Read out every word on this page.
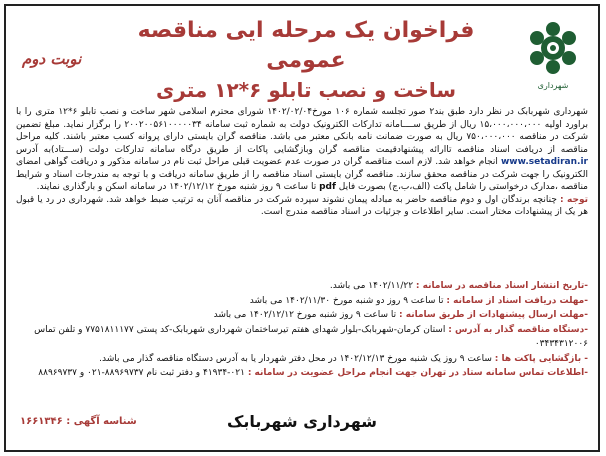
شهرداری
نوبت دوم
فراخوان یک مرحله ایی مناقصه عمومی
ساخت و نصب تابلو ۶*۱۲ متری

شهرداری شهربابک در نظر دارد طبق بند۲ صور تجلسه شماره ۱۰۶ مورخ۱۴۰۲/۰۲/۰۴ شورای محترم اسلامی شهر ساخت و نصب تابلو ۶*۱۲ متری را با براورد اولیه ۱۵،۰۰۰،۰۰۰،۰۰۰ ریال از طریق ســــامانه تدارکات الکترونیک دولت به شماره ثبت سامانه ۲۰۰۲۰۰۵۶۱۰۰۰۰۰۳۴ را برگزار نماید. مبلغ تضمین شرکت در مناقصه ۷۵۰،۰۰۰،۰۰۰ ریال به صورت ضمانت نامه بانکی معتبر می باشد. مناقصه گران بایستی دارای پروانه کسب معتبر باشند. کلیه مراحل مناقصه از دریافت اسناد مناقصه تاارائه پیشنهادقیمت مناقصه گران وبازگشایی پاکات از طریق درگاه سامانه تدارکات دولت (ســـتاد)به آدرس www.setadiran.ir انجام خواهد شد. لازم است مناقصه گران در صورت عدم عضویت قبلی مراحل ثبت نام در سامانه مذکور و دریافت گواهی امضای الکترونیک را جهت شرکت در مناقصه محقق سازند. مناقصه گران بایستی اسناد مناقصه را از طریق سامانه دریافت و با توجه به مندرجات اسناد و شرایط مناقصه ،مدارک درخواستی را شامل پاکت (الف،ب،ج) بصورت فایل pdf تا ساعت ۹ روز شنبه مورخ ۱۴۰۲/۱۲/۱۲ در سامانه اسکن و بارگذاری نمایند.

توجه : چنانچه برندگان اول و دوم مناقصه حاضر به مبادله پیمان نشوند سپرده شرکت در مناقصه آنان به ترتیب ضبط خواهد شد. شهرداری در رد یا قبول هر یک از پیشنهادات مختار است. سایر اطلاعات و جزئیات در اسناد مناقصه مندرج است.

-تاریخ انتشار اسناد مناقصه در سامانه : ۱۴۰۲/۱۱/۲۲ می باشد.
-مهلت دریافت اسناد از سامانه : تا ساعت ۹ روز دو شنبه مورخ ۱۴۰۲/۱۱/۳۰ می باشد
-مهلت ارسال پیشنهادات از طریق سامانه : تا ساعت ۹ روز شنبه مورخ ۱۴۰۲/۱۲/۱۲ می باشد
-دستگاه مناقصه گذار به آدرس : استان کرمان-شهربابک-بلوار شهدای هفتم تیرساختمان شهرداری شهربابک-کد پستی ۷۷۵۱۸۱۱۱۷۷ و تلفن تماس ۰۳۴۳۴۳۱۲۰۰۶
- بازگشایی پاکت ها : ساعت ۹ روز یک شنبه مورخ ۱۴۰۲/۱۲/۱۳ در محل دفتر شهردار یا به آدرس دستگاه مناقصه گذار می باشد.
-اطلاعات تماس سامانه ستاد در تهران جهت انجام مراحل عضویت در سامانه : ۰۲۱-۴۱۹۳۴ و دفتر ثبت نام ۸۸۹۶۹۷۳۷-۰۲۱ و ۸۸۹۶۹۷۳۷
شناسه آگهی : ۱۶۶۱۳۴۶	شهرداری شهربابک
